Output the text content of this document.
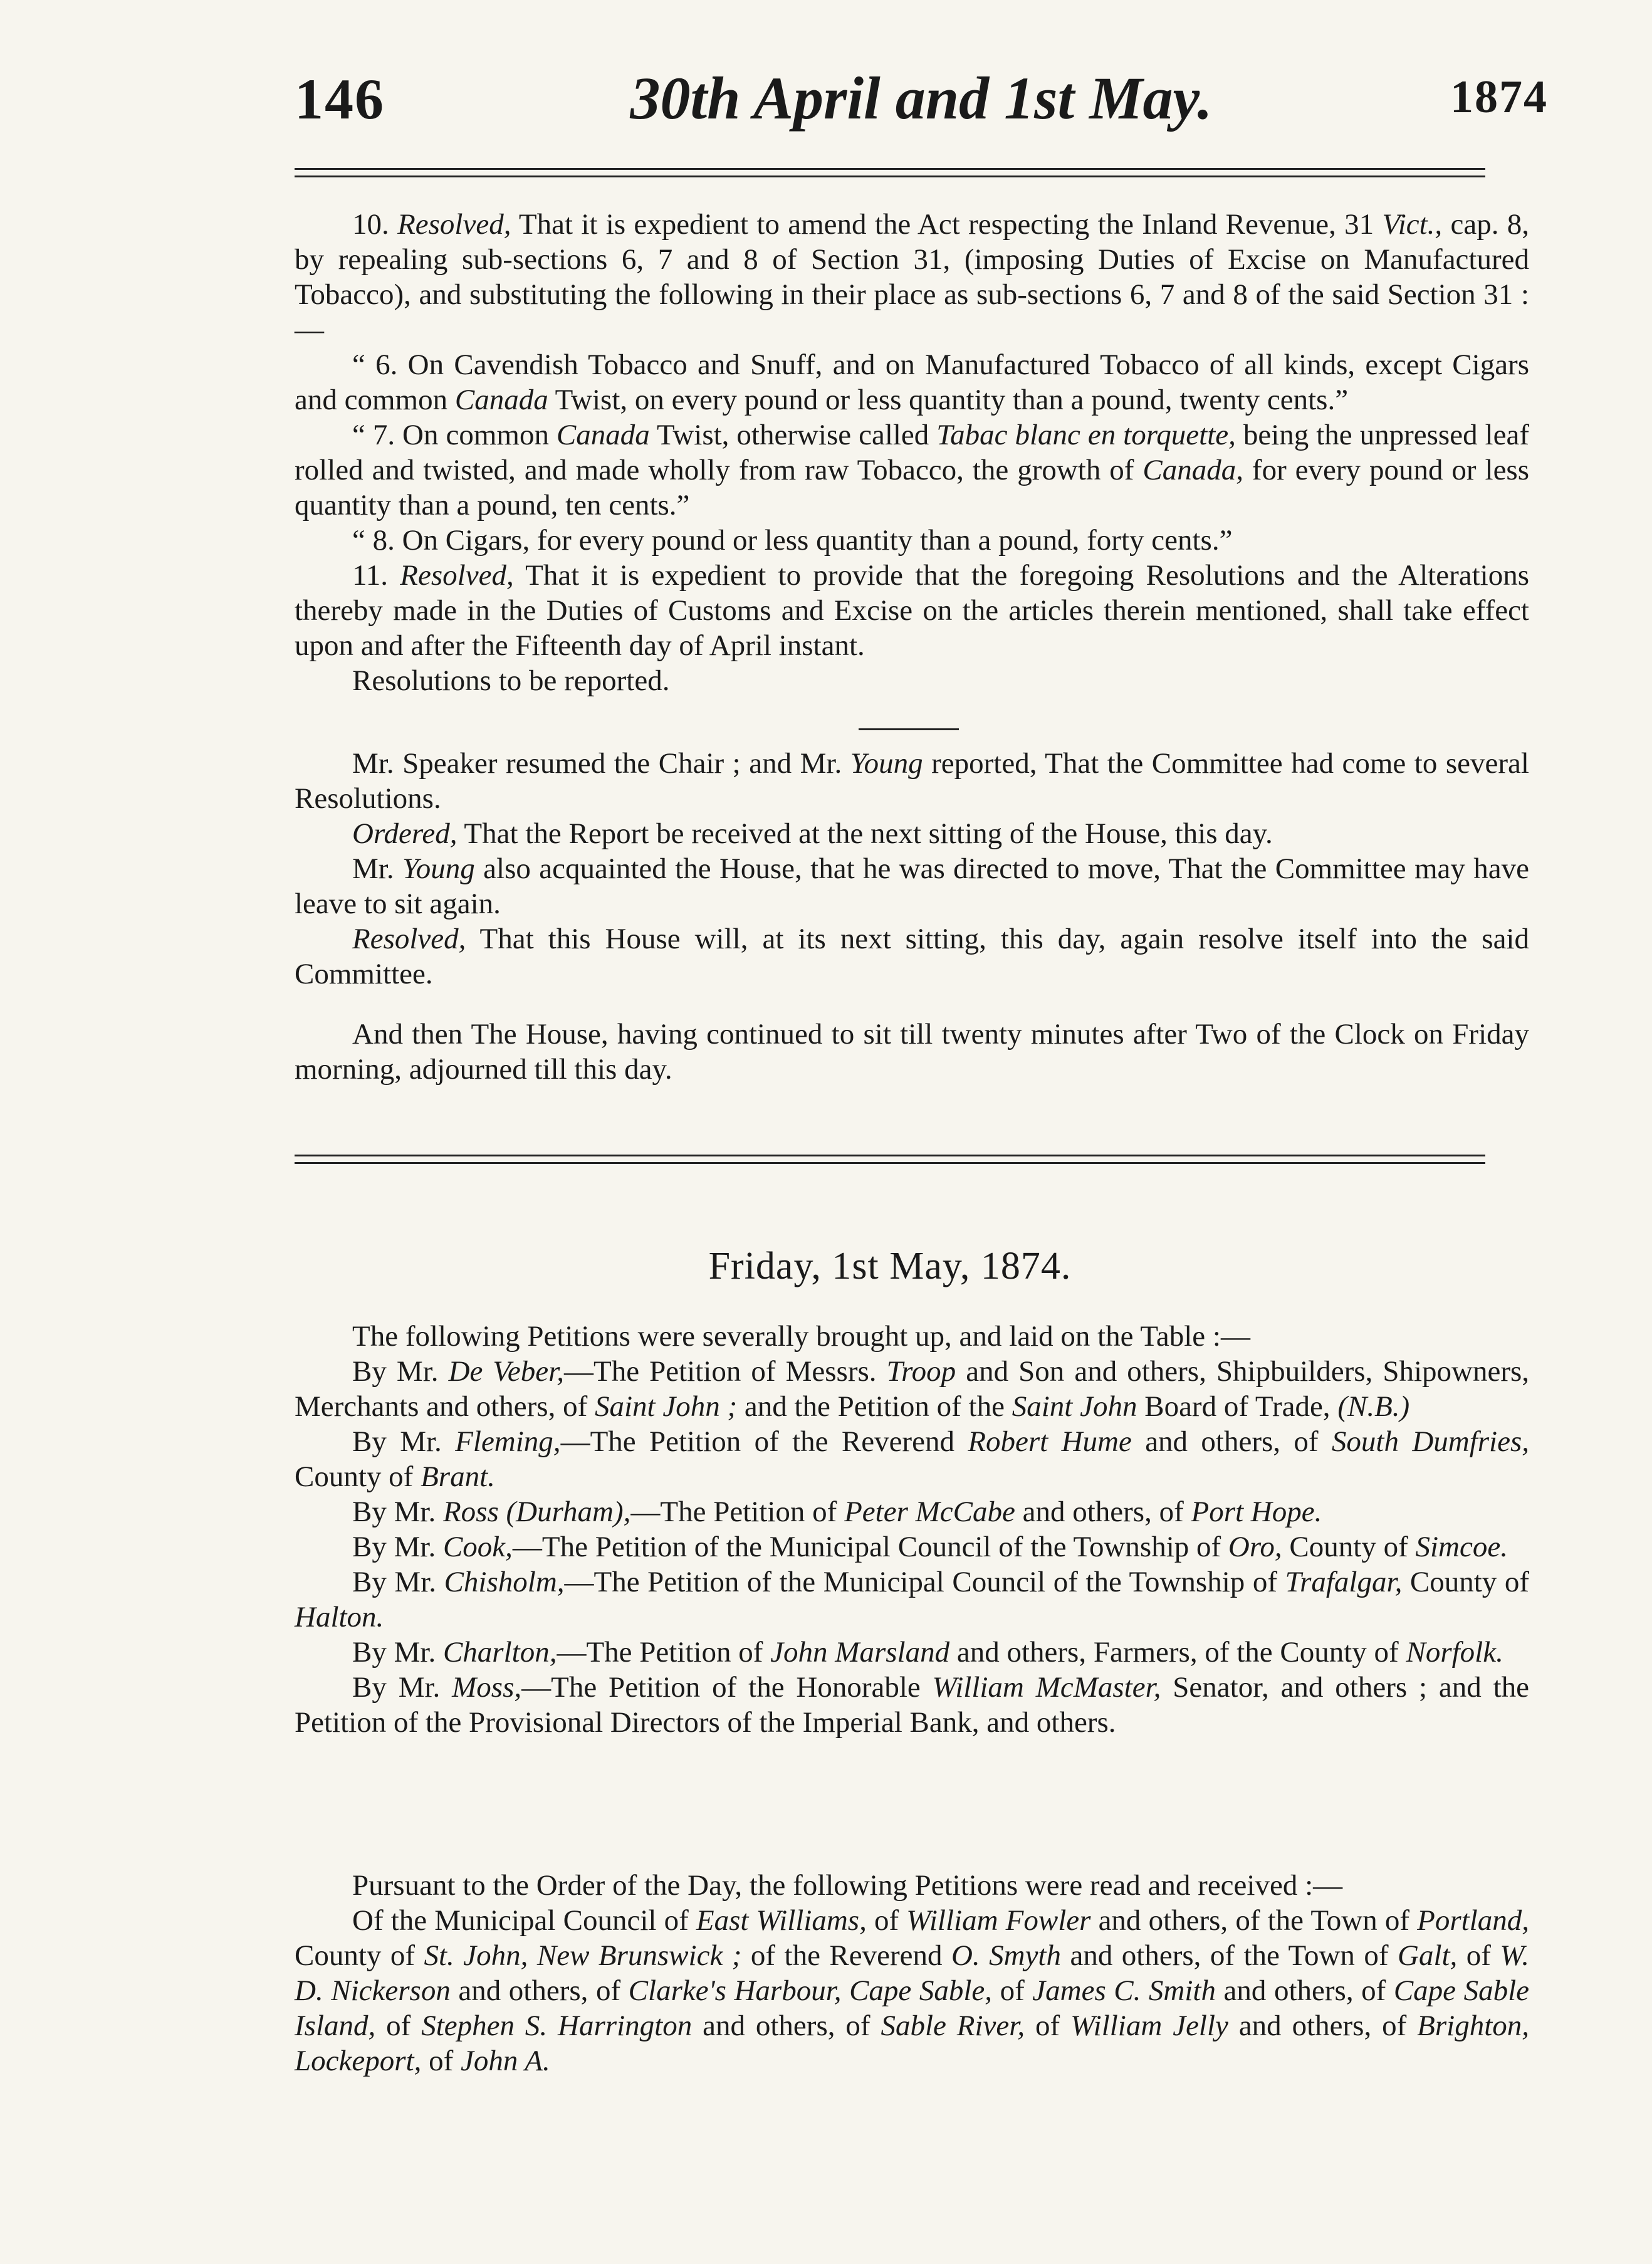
146	30th April and 1st May.	1874

10. Resolved, That it is expedient to amend the Act respecting the Inland Revenue, 31 Vict., cap. 8, by repealing sub-sections 6, 7 and 8 of Section 31, (imposing Duties of Excise on Manufactured Tobacco), and substituting the following in their place as sub-sections 6, 7 and 8 of the said Section 31 :—

“ 6. On Cavendish Tobacco and Snuff, and on Manufactured Tobacco of all kinds, except Cigars and common Canada Twist, on every pound or less quantity than a pound, twenty cents.”

“ 7. On common Canada Twist, otherwise called Tabac blanc en torquette, being the unpressed leaf rolled and twisted, and made wholly from raw Tobacco, the growth of Canada, for every pound or less quantity than a pound, ten cents.”

“ 8. On Cigars, for every pound or less quantity than a pound, forty cents.”

11. Resolved, That it is expedient to provide that the foregoing Resolutions and the Alterations thereby made in the Duties of Customs and Excise on the articles therein mentioned, shall take effect upon and after the Fifteenth day of April instant.

Resolutions to be reported.

Mr. Speaker resumed the Chair ; and Mr. Young reported, That the Committee had come to several Resolutions.

Ordered, That the Report be received at the next sitting of the House, this day.

Mr. Young also acquainted the House, that he was directed to move, That the Committee may have leave to sit again.

Resolved, That this House will, at its next sitting, this day, again resolve itself into the said Committee.

And then The House, having continued to sit till twenty minutes after Two of the Clock on Friday morning, adjourned till this day.

Friday, 1st May, 1874.

The following Petitions were severally brought up, and laid on the Table :—

By Mr. De Veber,—The Petition of Messrs. Troop and Son and others, Shipbuilders, Shipowners, Merchants and others, of Saint John ; and the Petition of the Saint John Board of Trade, (N.B.)

By Mr. Fleming,—The Petition of the Reverend Robert Hume and others, of South Dumfries, County of Brant.

By Mr. Ross (Durham),—The Petition of Peter McCabe and others, of Port Hope.

By Mr. Cook,—The Petition of the Municipal Council of the Township of Oro, County of Simcoe.

By Mr. Chisholm,—The Petition of the Municipal Council of the Township of Trafalgar, County of Halton.

By Mr. Charlton,—The Petition of John Marsland and others, Farmers, of the County of Norfolk.

By Mr. Moss,—The Petition of the Honorable William McMaster, Senator, and others ; and the Petition of the Provisional Directors of the Imperial Bank, and others.

Pursuant to the Order of the Day, the following Petitions were read and received :—

Of the Municipal Council of East Williams, of William Fowler and others, of the Town of Portland, County of St. John, New Brunswick ; of the Reverend O. Smyth and others, of the Town of Galt, of W. D. Nickerson and others, of Clarke's Harbour, Cape Sable, of James C. Smith and others, of Cape Sable Island, of Stephen S. Harrington and others, of Sable River, of William Jelly and others, of Brighton, Lockeport, of John A.
